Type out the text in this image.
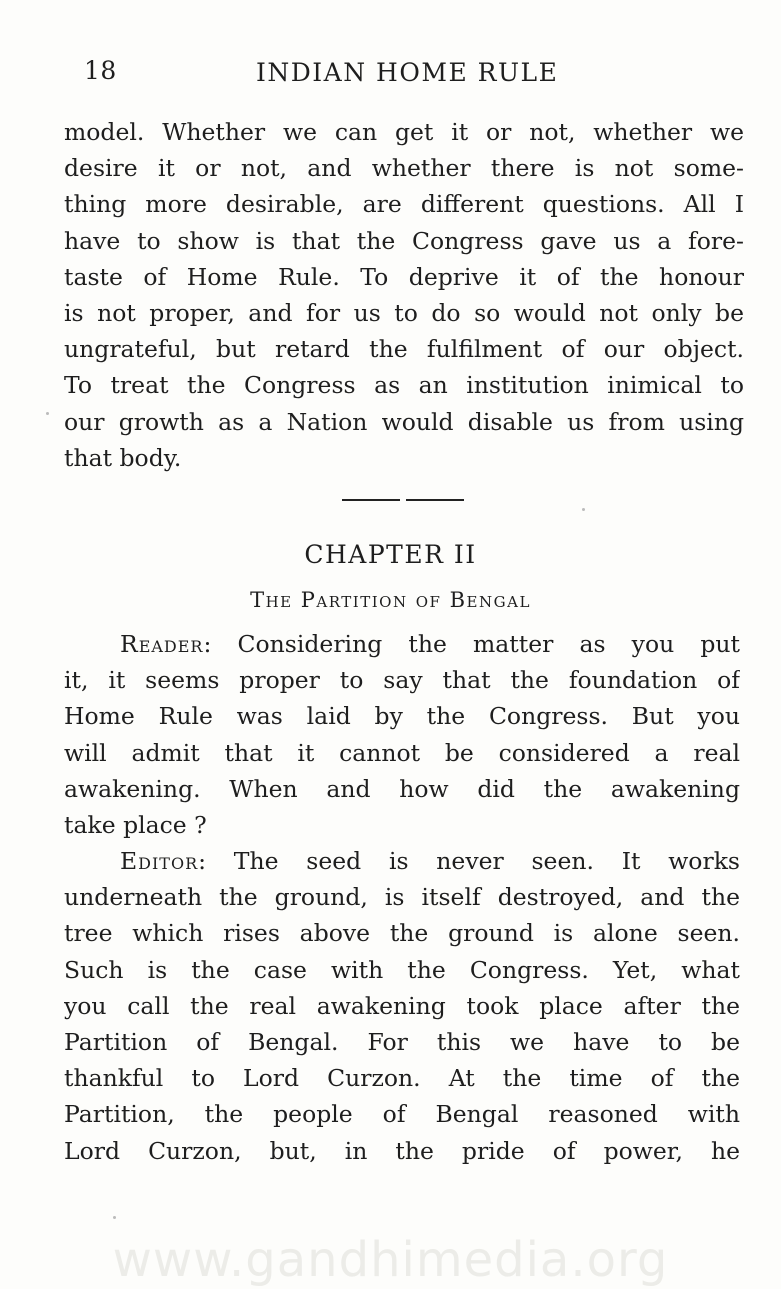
18	INDIAN HOME RULE
model. Whether we can get it or not, whether we
desire it or not, and whether there is not some-
thing more desirable, are different questions. All I
have to show is that the Congress gave us a fore-
taste of Home Rule. To deprive it of the honour
is not proper, and for us to do so would not only be
ungrateful, but retard the fulfilment of our object.
To treat the Congress as an institution inimical to
our growth as a Nation would disable us from using
that body.
CHAPTER II
The Partition of Bengal
Reader: Considering the matter as you put
it, it seems proper to say that the foundation of
Home Rule was laid by the Congress. But you
will admit that it cannot be considered a real
awakening. When and how did the awakening
take place ?
Editor: The seed is never seen. It works
underneath the ground, is itself destroyed, and the
tree which rises above the ground is alone seen.
Such is the case with the Congress. Yet, what
you call the real awakening took place after the
Partition of Bengal. For this we have to be
thankful to Lord Curzon. At the time of the
Partition, the people of Bengal reasoned with
Lord Curzon, but, in the pride of power, he
www.gandhimedia.org
